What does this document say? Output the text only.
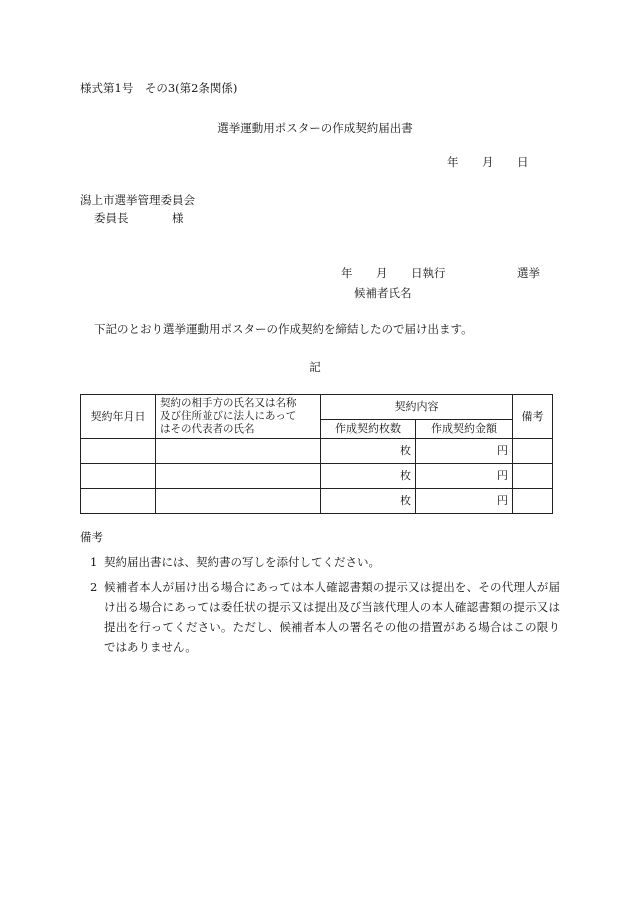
様式第1号　その3(第2条関係)
選挙運動用ポスターの作成契約届出書
年 月 日
潟上市選挙管理委員会
委員長	様
年 月 日執行	選挙
候補者氏名
下記のとおり選挙運動用ポスターの作成契約を締結したので届け出ます。
記
契約年月日	契約の相手方の氏名又は名称
及び住所並びに法人にあって
はその代表者の氏名	契約内容		備考
		作成契約枚数	作成契約金額	
		枚	円	
		枚	円	
		枚	円	
備考
1 契約届出書には、契約書の写しを添付してください。
2 候補者本人が届け出る場合にあっては本人確認書類の提示又は提出を、その代理人が届け出る場合にあっては委任状の提示又は提出及び当該代理人の本人確認書類の提示又は提出を行ってください。ただし、候補者本人の署名その他の措置がある場合はこの限りではありません。
